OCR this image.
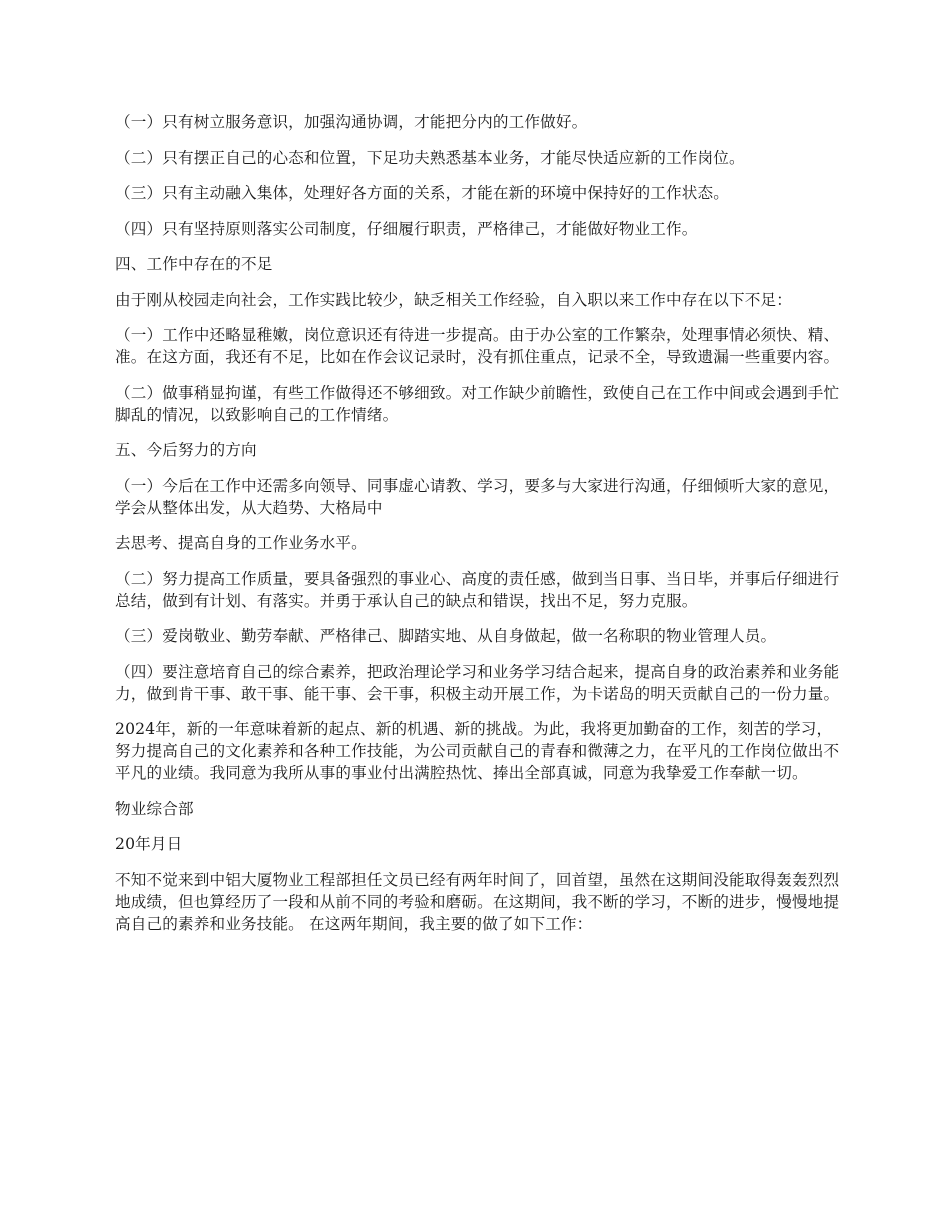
（一）只有树立服务意识，加强沟通协调，才能把分内的工作做好。

（二）只有摆正自己的心态和位置，下足功夫熟悉基本业务，才能尽快适应新的工作岗位。

（三）只有主动融入集体，处理好各方面的关系，才能在新的环境中保持好的工作状态。

（四）只有坚持原则落实公司制度，仔细履行职责，严格律己，才能做好物业工作。

四、工作中存在的不足

由于刚从校园走向社会，工作实践比较少，缺乏相关工作经验，自入职以来工作中存在以下不足：

（一）工作中还略显稚嫩，岗位意识还有待进一步提高。由于办公室的工作繁杂，处理事情必须快、精、准。在这方面，我还有不足，比如在作会议记录时，没有抓住重点，记录不全，导致遗漏一些重要内容。

（二）做事稍显拘谨，有些工作做得还不够细致。对工作缺少前瞻性，致使自己在工作中间或会遇到手忙脚乱的情况，以致影响自己的工作情绪。

五、今后努力的方向

（一）今后在工作中还需多向领导、同事虚心请教、学习，要多与大家进行沟通，仔细倾听大家的意见，学会从整体出发，从大趋势、大格局中

去思考、提高自身的工作业务水平。

（二）努力提高工作质量，要具备强烈的事业心、高度的责任感，做到当日事、当日毕，并事后仔细进行总结，做到有计划、有落实。并勇于承认自己的缺点和错误，找出不足，努力克服。

（三）爱岗敬业、勤劳奉献、严格律己、脚踏实地、从自身做起，做一名称职的物业管理人员。

（四）要注意培育自己的综合素养，把政治理论学习和业务学习结合起来，提高自身的政治素养和业务能力，做到肯干事、敢干事、能干事、会干事，积极主动开展工作，为卡诺岛的明天贡献自己的一份力量。

2024年，新的一年意味着新的起点、新的机遇、新的挑战。为此，我将更加勤奋的工作，刻苦的学习，努力提高自己的文化素养和各种工作技能，为公司贡献自己的青春和微薄之力，在平凡的工作岗位做出不平凡的业绩。我同意为我所从事的事业付出满腔热忱、捧出全部真诚，同意为我挚爱工作奉献一切。

物业综合部

20年月日

不知不觉来到中铝大厦物业工程部担任文员已经有两年时间了，回首望，虽然在这期间没能取得轰轰烈烈地成绩，但也算经历了一段和从前不同的考验和磨砺。在这期间，我不断的学习，不断的进步，慢慢地提高自己的素养和业务技能。 在这两年期间，我主要的做了如下工作：
